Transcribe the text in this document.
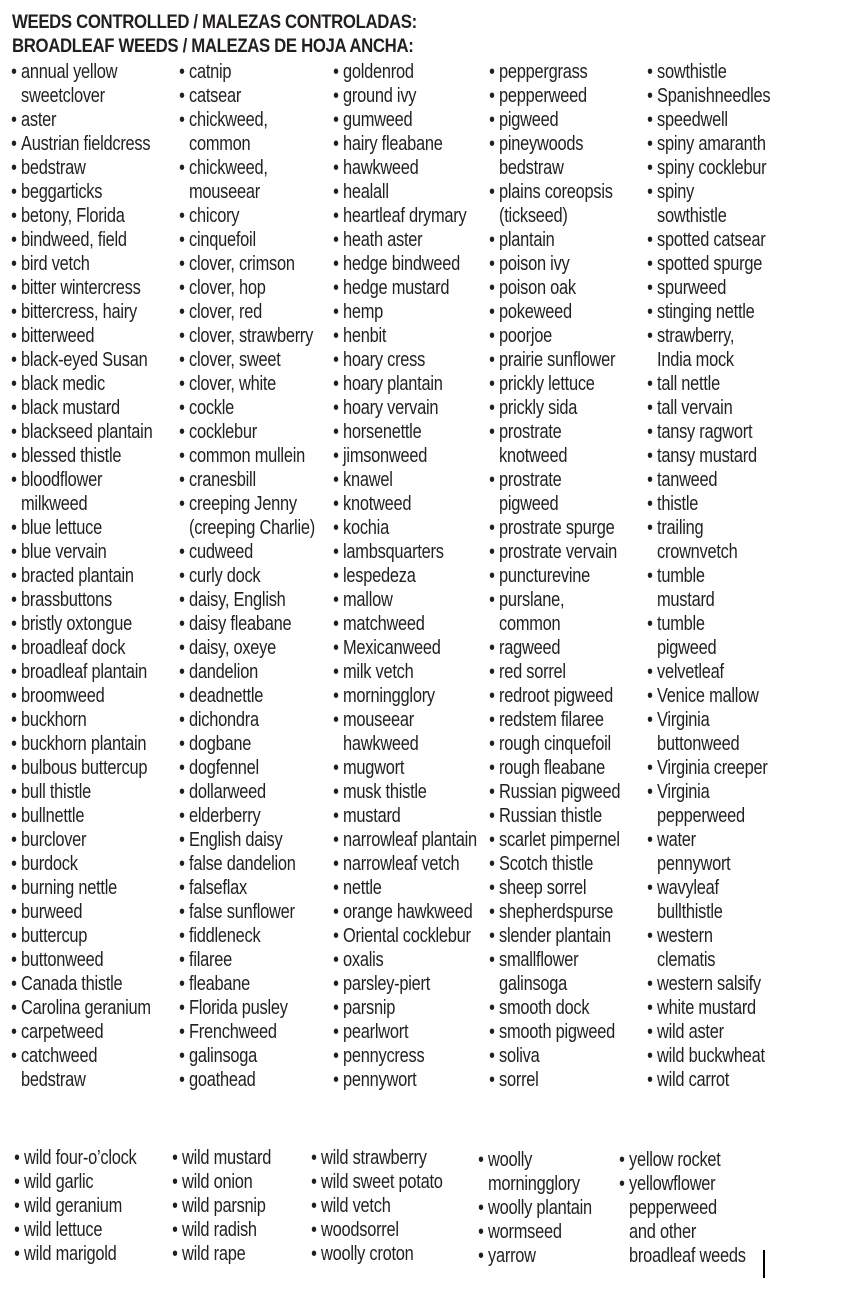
WEEDS CONTROLLED / MALEZAS CONTROLADAS:
BROADLEAF WEEDS / MALEZAS DE HOJA ANCHA:
• annual yellow
sweetclover
• aster
• Austrian fieldcress
• bedstraw
• beggarticks
• betony, Florida
• bindweed, field
• bird vetch
• bitter wintercress
• bittercress, hairy
• bitterweed
• black-eyed Susan
• black medic
• black mustard
• blackseed plantain
• blessed thistle
• bloodflower
milkweed
• blue lettuce
• blue vervain
• bracted plantain
• brassbuttons
• bristly oxtongue
• broadleaf dock
• broadleaf plantain
• broomweed
• buckhorn
• buckhorn plantain
• bulbous buttercup
• bull thistle
• bullnettle
• burclover
• burdock
• burning nettle
• burweed
• buttercup
• buttonweed
• Canada thistle
• Carolina geranium
• carpetweed
• catchweed
bedstraw
• catnip
• catsear
• chickweed,
common
• chickweed,
mouseear
• chicory
• cinquefoil
• clover, crimson
• clover, hop
• clover, red
• clover, strawberry
• clover, sweet
• clover, white
• cockle
• cocklebur
• common mullein
• cranesbill
• creeping Jenny
(creeping Charlie)
• cudweed
• curly dock
• daisy, English
• daisy fleabane
• daisy, oxeye
• dandelion
• deadnettle
• dichondra
• dogbane
• dogfennel
• dollarweed
• elderberry
• English daisy
• false dandelion
• falseflax
• false sunflower
• fiddleneck
• filaree
• fleabane
• Florida pusley
• Frenchweed
• galinsoga
• goathead
• goldenrod
• ground ivy
• gumweed
• hairy fleabane
• hawkweed
• healall
• heartleaf drymary
• heath aster
• hedge bindweed
• hedge mustard
• hemp
• henbit
• hoary cress
• hoary plantain
• hoary vervain
• horsenettle
• jimsonweed
• knawel
• knotweed
• kochia
• lambsquarters
• lespedeza
• mallow
• matchweed
• Mexicanweed
• milk vetch
• morningglory
• mouseear
hawkweed
• mugwort
• musk thistle
• mustard
• narrowleaf plantain
• narrowleaf vetch
• nettle
• orange hawkweed
• Oriental cocklebur
• oxalis
• parsley-piert
• parsnip
• pearlwort
• pennycress
• pennywort
• peppergrass
• pepperweed
• pigweed
• pineywoods
bedstraw
• plains coreopsis
(tickseed)
• plantain
• poison ivy
• poison oak
• pokeweed
• poorjoe
• prairie sunflower
• prickly lettuce
• prickly sida
• prostrate
knotweed
• prostrate
pigweed
• prostrate spurge
• prostrate vervain
• puncturevine
• purslane,
common
• ragweed
• red sorrel
• redroot pigweed
• redstem filaree
• rough cinquefoil
• rough fleabane
• Russian pigweed
• Russian thistle
• scarlet pimpernel
• Scotch thistle
• sheep sorrel
• shepherdspurse
• slender plantain
• smallflower
galinsoga
• smooth dock
• smooth pigweed
• soliva
• sorrel
• sowthistle
• Spanishneedles
• speedwell
• spiny amaranth
• spiny cocklebur
• spiny
sowthistle
• spotted catsear
• spotted spurge
• spurweed
• stinging nettle
• strawberry,
India mock
• tall nettle
• tall vervain
• tansy ragwort
• tansy mustard
• tanweed
• thistle
• trailing
crownvetch
• tumble
mustard
• tumble
pigweed
• velvetleaf
• Venice mallow
• Virginia
buttonweed
• Virginia creeper
• Virginia
pepperweed
• water
pennywort
• wavyleaf
bullthistle
• western
clematis
• western salsify
• white mustard
• wild aster
• wild buckwheat
• wild carrot
• wild four-o’clock
• wild garlic
• wild geranium
• wild lettuce
• wild marigold
• wild mustard
• wild onion
• wild parsnip
• wild radish
• wild rape
• wild strawberry
• wild sweet potato
• wild vetch
• woodsorrel
• woolly croton
• woolly
morningglory
• woolly plantain
• wormseed
• yarrow
• yellow rocket
• yellowflower
pepperweed
and other
broadleaf weeds
